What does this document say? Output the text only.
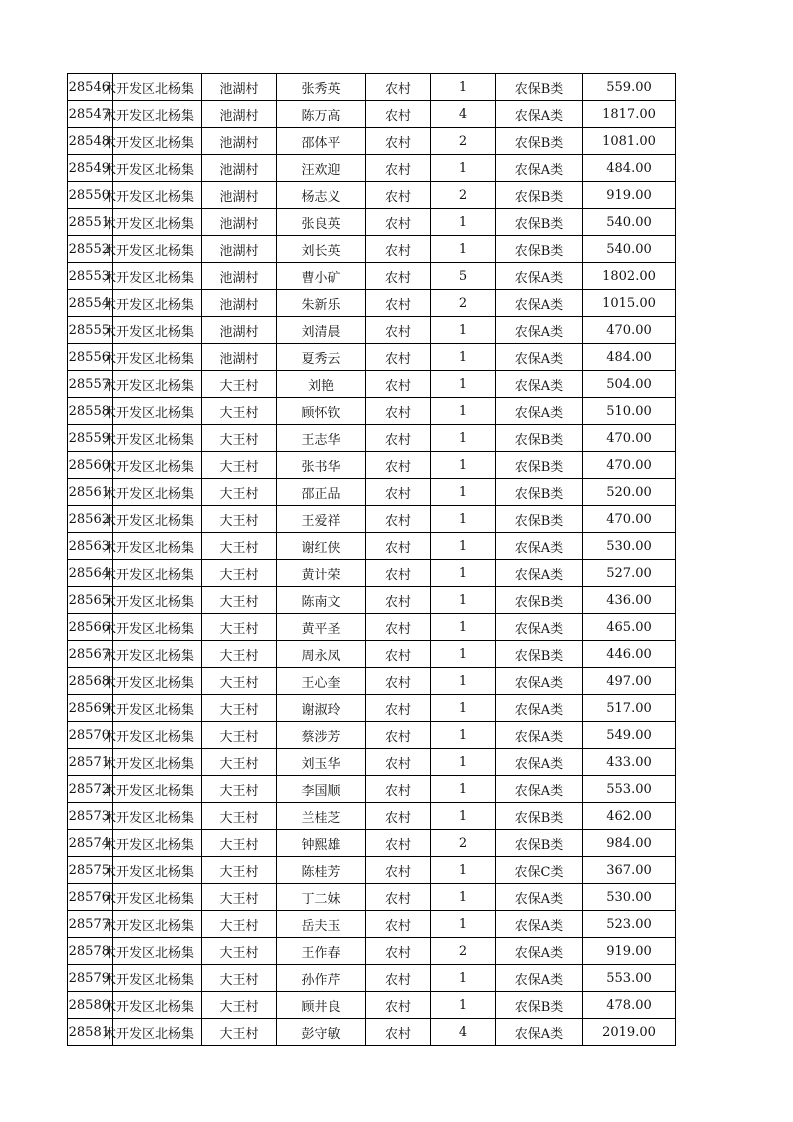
28546	术开发区北杨集	池湖村	张秀英	农村	1	农保B类	559.00
28547	术开发区北杨集	池湖村	陈万高	农村	4	农保A类	1817.00
28548	术开发区北杨集	池湖村	邵体平	农村	2	农保B类	1081.00
28549	术开发区北杨集	池湖村	汪欢迎	农村	1	农保A类	484.00
28550	术开发区北杨集	池湖村	杨志义	农村	2	农保B类	919.00
28551	术开发区北杨集	池湖村	张良英	农村	1	农保B类	540.00
28552	术开发区北杨集	池湖村	刘长英	农村	1	农保B类	540.00
28553	术开发区北杨集	池湖村	曹小矿	农村	5	农保A类	1802.00
28554	术开发区北杨集	池湖村	朱新乐	农村	2	农保A类	1015.00
28555	术开发区北杨集	池湖村	刘清晨	农村	1	农保A类	470.00
28556	术开发区北杨集	池湖村	夏秀云	农村	1	农保A类	484.00
28557	术开发区北杨集	大王村	刘艳	农村	1	农保A类	504.00
28558	术开发区北杨集	大王村	顾怀钦	农村	1	农保A类	510.00
28559	术开发区北杨集	大王村	王志华	农村	1	农保B类	470.00
28560	术开发区北杨集	大王村	张书华	农村	1	农保B类	470.00
28561	术开发区北杨集	大王村	邵正品	农村	1	农保B类	520.00
28562	术开发区北杨集	大王村	王爱祥	农村	1	农保B类	470.00
28563	术开发区北杨集	大王村	谢红侠	农村	1	农保A类	530.00
28564	术开发区北杨集	大王村	黄计荣	农村	1	农保A类	527.00
28565	术开发区北杨集	大王村	陈南文	农村	1	农保B类	436.00
28566	术开发区北杨集	大王村	黄平圣	农村	1	农保A类	465.00
28567	术开发区北杨集	大王村	周永凤	农村	1	农保B类	446.00
28568	术开发区北杨集	大王村	王心奎	农村	1	农保A类	497.00
28569	术开发区北杨集	大王村	谢淑玲	农村	1	农保A类	517.00
28570	术开发区北杨集	大王村	蔡涉芳	农村	1	农保A类	549.00
28571	术开发区北杨集	大王村	刘玉华	农村	1	农保A类	433.00
28572	术开发区北杨集	大王村	李国顺	农村	1	农保A类	553.00
28573	术开发区北杨集	大王村	兰桂芝	农村	1	农保B类	462.00
28574	术开发区北杨集	大王村	钟熙雄	农村	2	农保B类	984.00
28575	术开发区北杨集	大王村	陈桂芳	农村	1	农保C类	367.00
28576	术开发区北杨集	大王村	丁二妹	农村	1	农保A类	530.00
28577	术开发区北杨集	大王村	岳夫玉	农村	1	农保A类	523.00
28578	术开发区北杨集	大王村	王作春	农村	2	农保A类	919.00
28579	术开发区北杨集	大王村	孙作芹	农村	1	农保A类	553.00
28580	术开发区北杨集	大王村	顾井良	农村	1	农保B类	478.00
28581	术开发区北杨集	大王村	彭守敏	农村	4	农保A类	2019.00
